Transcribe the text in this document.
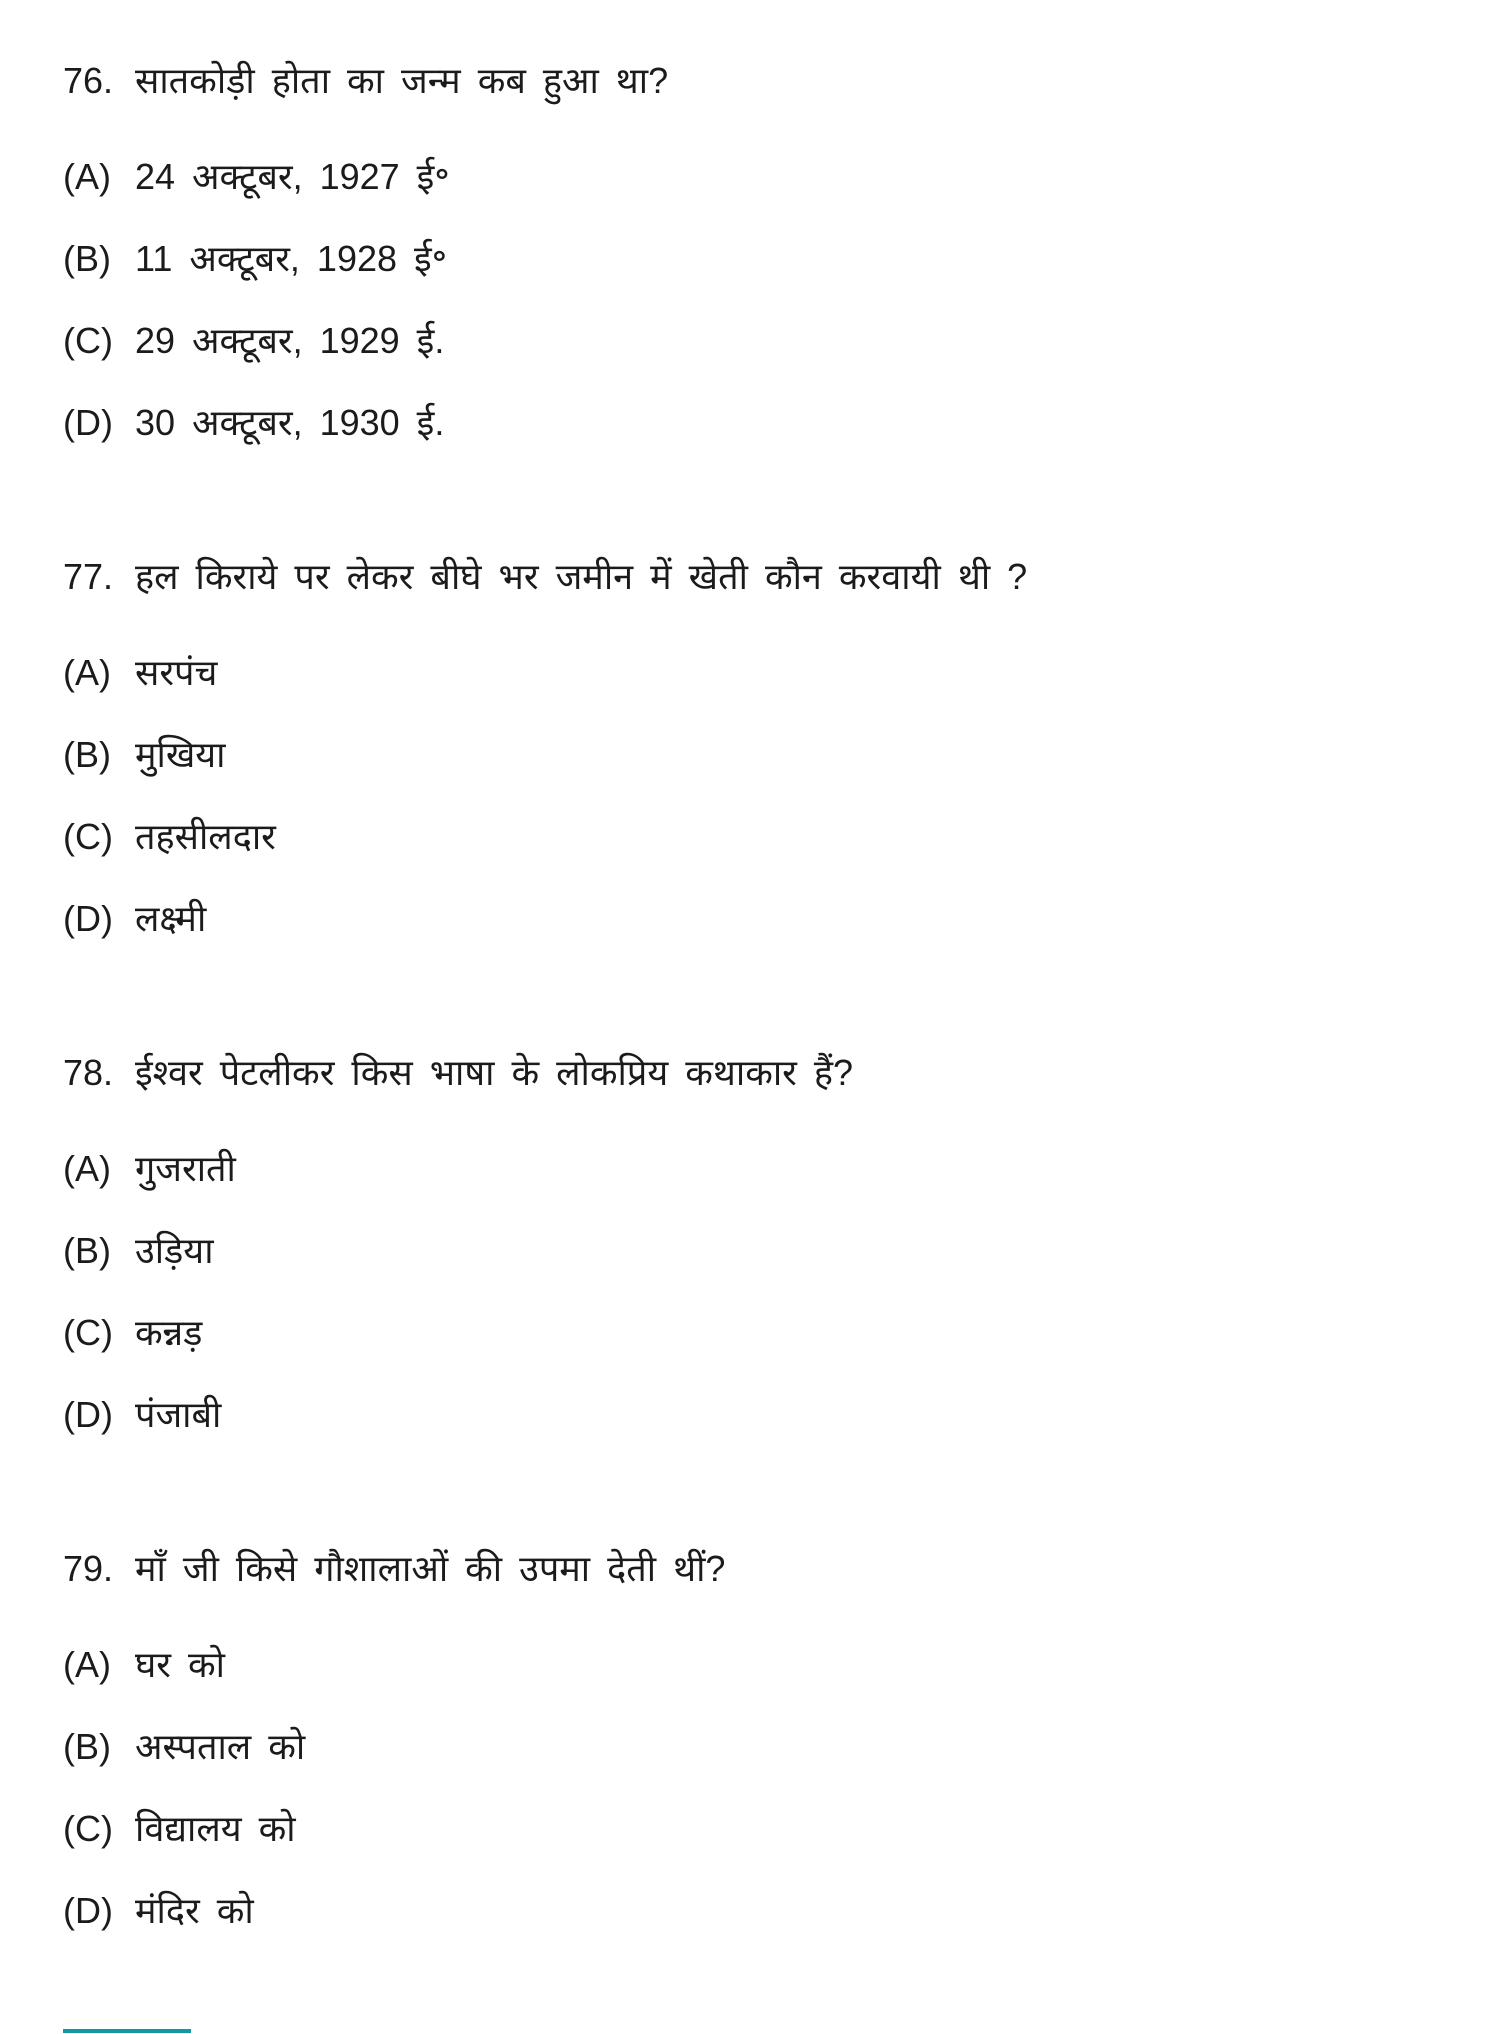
76. सातकोड़ी होता का जन्म कब हुआ था?
(A) 24 अक्टूबर, 1927 ई॰
(B) 11 अक्टूबर, 1928 ई॰
(C) 29 अक्टूबर, 1929 ई.
(D) 30 अक्टूबर, 1930 ई.
77. हल किराये पर लेकर बीघे भर जमीन में खेती कौन करवायी थी ?
(A) सरपंच
(B) मुखिया
(C) तहसीलदार
(D) लक्ष्मी
78. ईश्वर पेटलीकर किस भाषा के लोकप्रिय कथाकार हैं?
(A) गुजराती
(B) उड़िया
(C) कन्नड़
(D) पंजाबी
79. माँ जी किसे गौशालाओं की उपमा देती थीं?
(A) घर को
(B) अस्पताल को
(C) विद्यालय को
(D) मंदिर को
